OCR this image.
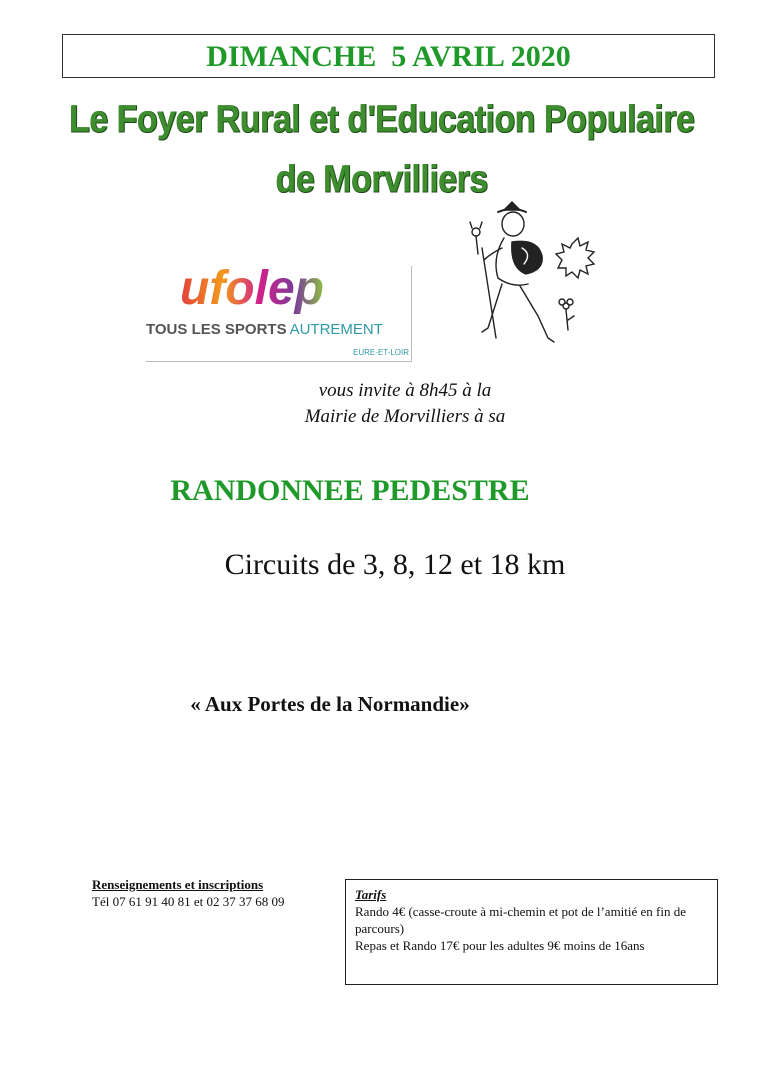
DIMANCHE  5 AVRIL 2020
Le Foyer Rural et d'Education Populaire
de Morvilliers
ufolep
TOUS LES SPORTS AUTREMENT
EURE-ET-LOIR
vous invite à 8h45 à la
Mairie de Morvilliers à sa
RANDONNEE PEDESTRE
Circuits de 3, 8, 12 et 18 km
« Aux Portes de la Normandie»
Renseignements et inscriptions
Tél 07 61 91 40 81 et 02 37 37 68 09	Tarifs
Rando 4€ (casse-croute à mi-chemin et pot de l’amitié en fin de parcours)
Repas et Rando 17€ pour les adultes 9€ moins de 16ans
